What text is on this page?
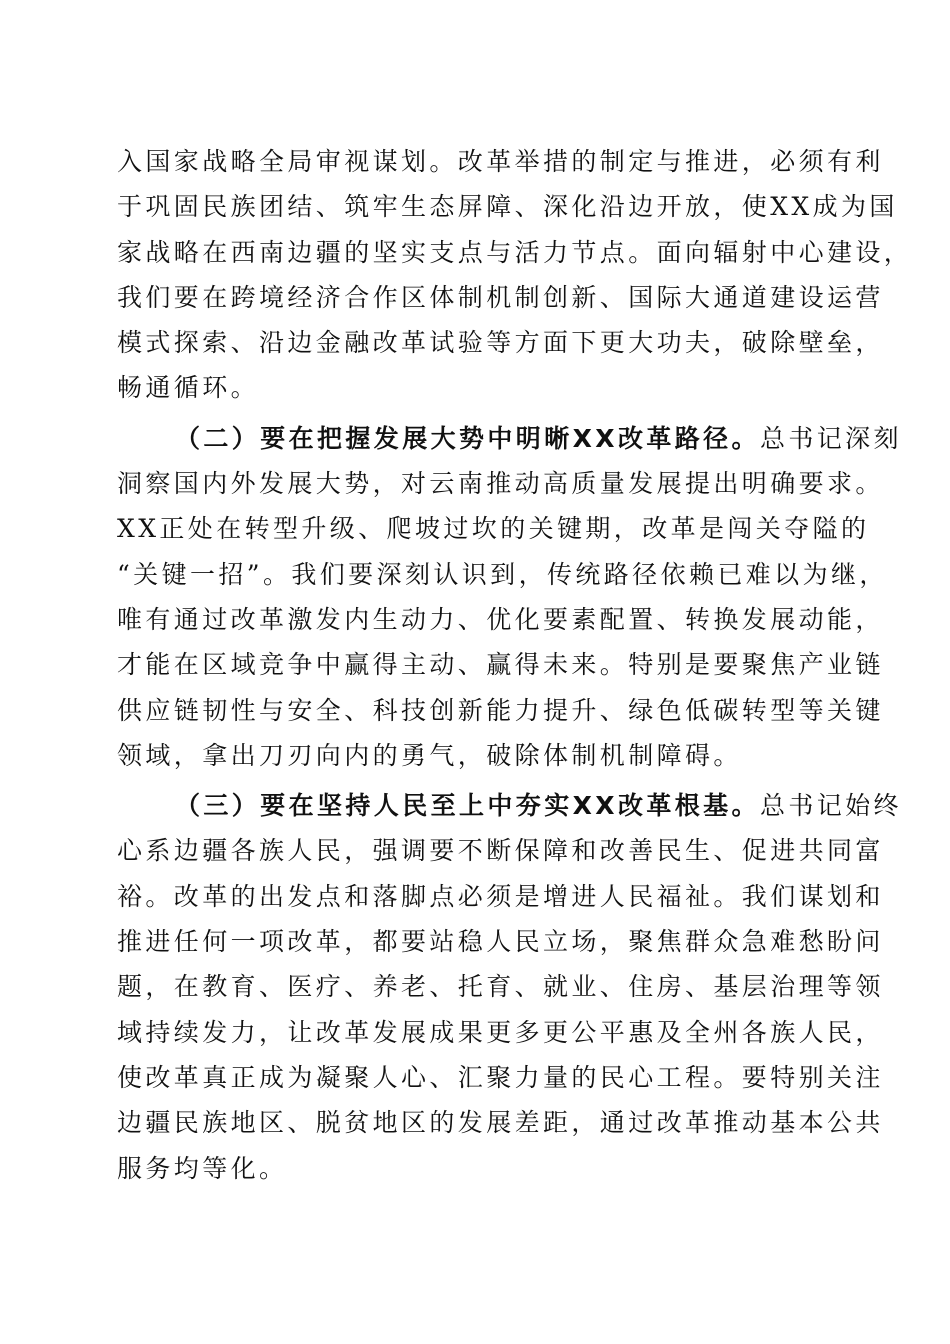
入国家战略全局审视谋划。改革举措的制定与推进，必须有利
于巩固民族团结、筑牢生态屏障、深化沿边开放，使XX成为国
家战略在西南边疆的坚实支点与活力节点。面向辐射中心建设，
我们要在跨境经济合作区体制机制创新、国际大通道建设运营
模式探索、沿边金融改革试验等方面下更大功夫，破除壁垒，
畅通循环。
（二）要在把握发展大势中明晰XX改革路径。总书记深刻
洞察国内外发展大势，对云南推动高质量发展提出明确要求。
XX正处在转型升级、爬坡过坎的关键期，改革是闯关夺隘的
“关键一招”。我们要深刻认识到，传统路径依赖已难以为继，
唯有通过改革激发内生动力、优化要素配置、转换发展动能，
才能在区域竞争中赢得主动、赢得未来。特别是要聚焦产业链
供应链韧性与安全、科技创新能力提升、绿色低碳转型等关键
领域，拿出刀刃向内的勇气，破除体制机制障碍。
（三）要在坚持人民至上中夯实XX改革根基。总书记始终
心系边疆各族人民，强调要不断保障和改善民生、促进共同富
裕。改革的出发点和落脚点必须是增进人民福祉。我们谋划和
推进任何一项改革，都要站稳人民立场，聚焦群众急难愁盼问
题，在教育、医疗、养老、托育、就业、住房、基层治理等领
域持续发力，让改革发展成果更多更公平惠及全州各族人民，
使改革真正成为凝聚人心、汇聚力量的民心工程。要特别关注
边疆民族地区、脱贫地区的发展差距，通过改革推动基本公共
服务均等化。
